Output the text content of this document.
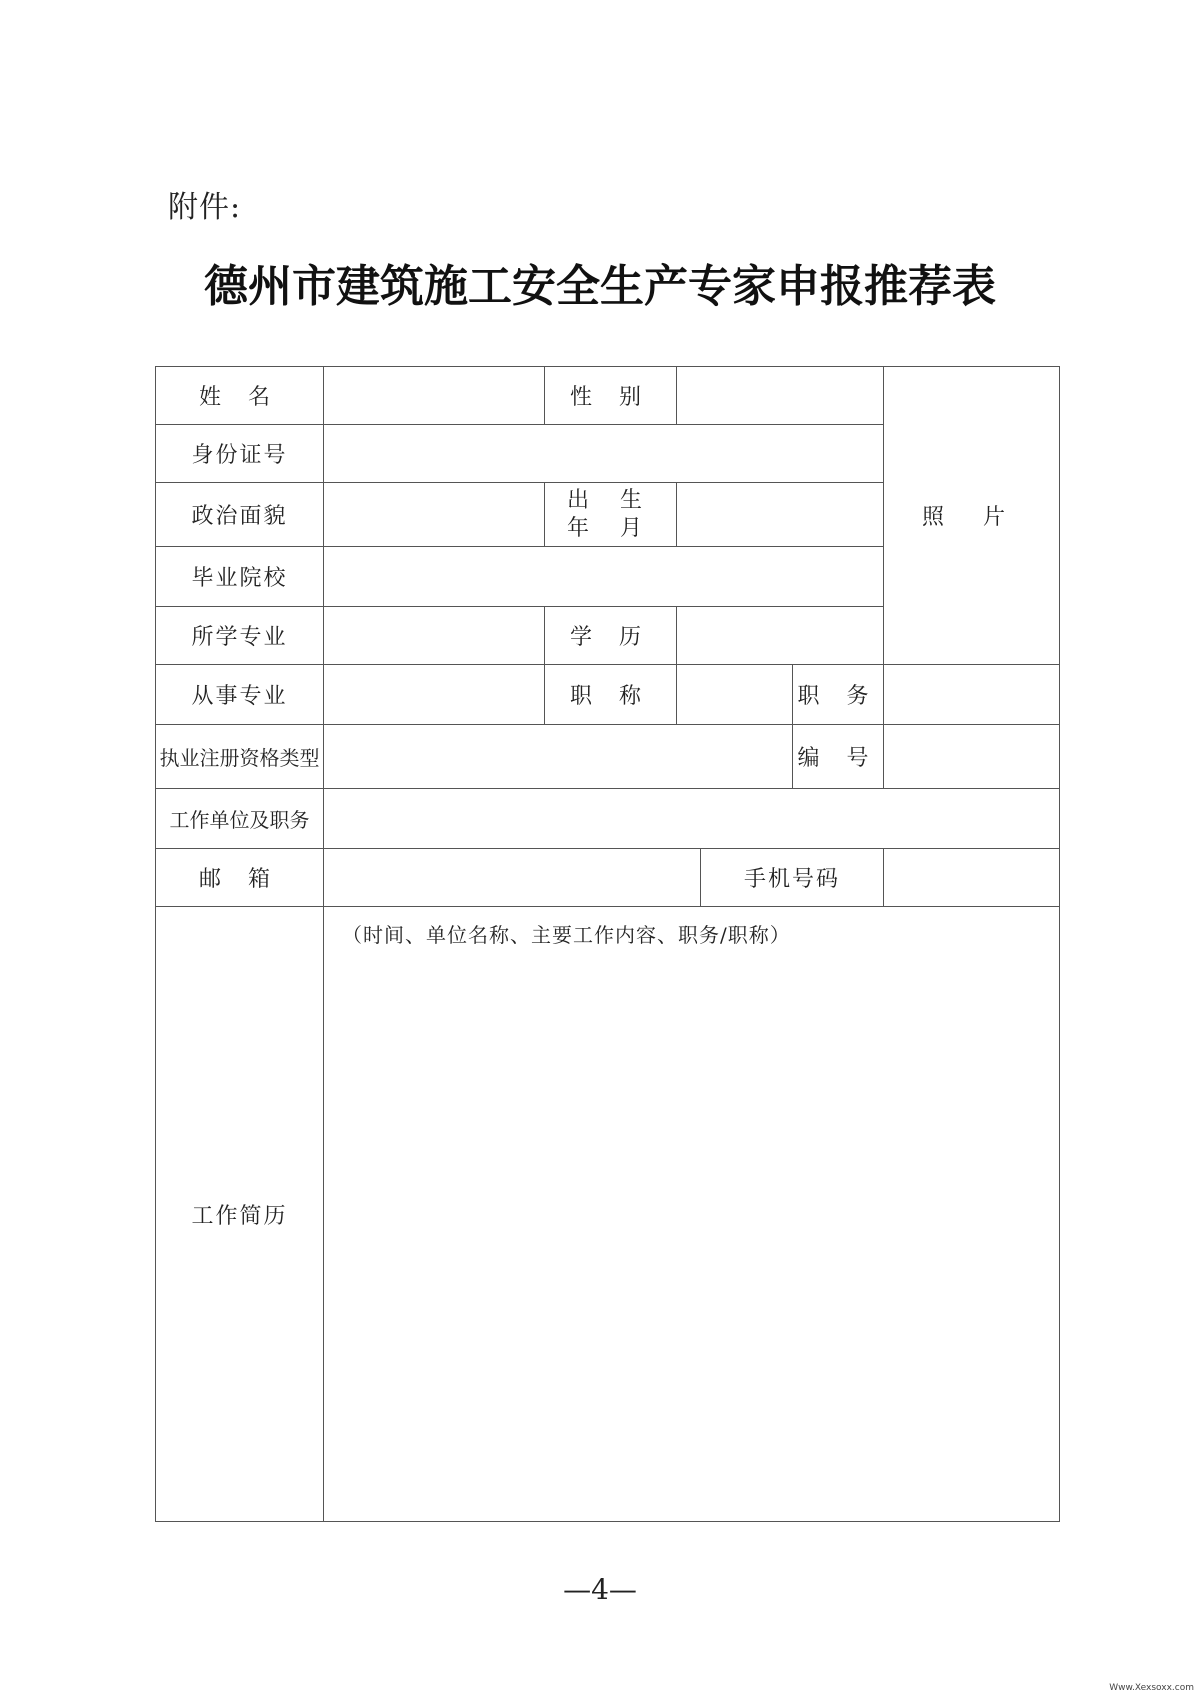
附件:
德州市建筑施工安全生产专家申报推荐表
姓 名		性 别				照 片
身份证号						
政治面貌		出 生
年 月				

毕业院校						
所学专业		学 历				
从事专业		职 称			职 务	
执业注册资格类型					编 号	
工作单位及职务						
邮 箱				手机号码		
工作简历	（时间、单位名称、主要工作内容、职务/职称）					
—4—
Www.Xexsoxx.com
